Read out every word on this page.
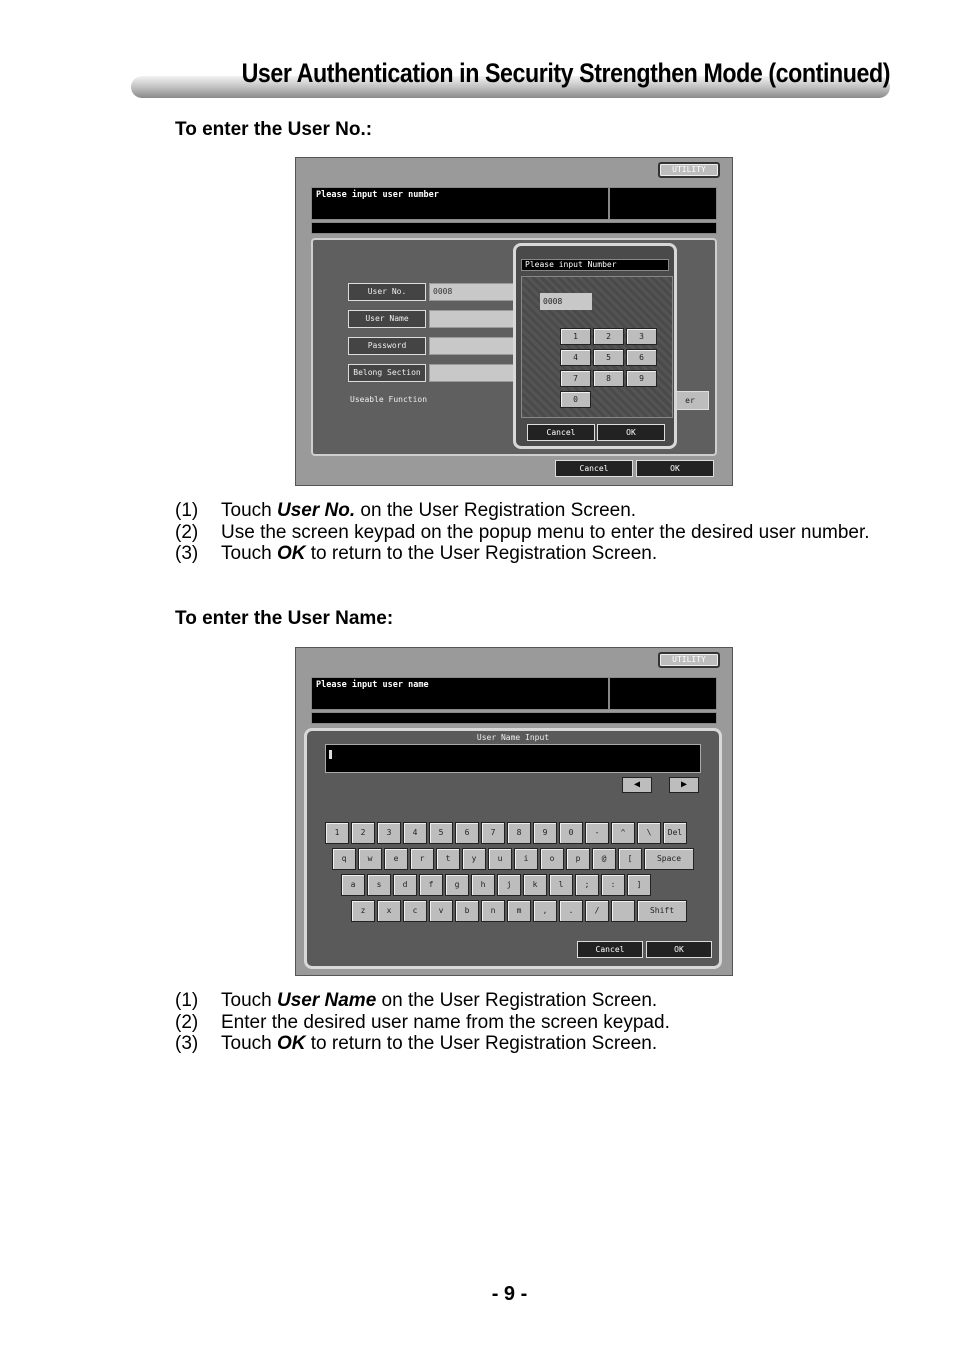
User Authentication in Security Strengthen Mode (continued)
To enter the User No.:
UTILITY
Please input user number
User No.	0008
User Name
Password
Belong Section
Useable Function	er
Please input Number
0008
1	2	3
4	5	6
7	8	9
0
Cancel	OK
Cancel	OK
(1)	Touch User No. on the User Registration Screen.
(2)	Use the screen keypad on the popup menu to enter the desired user number.
(3)	Touch OK to return to the User Registration Screen.
To enter the User Name:
UTILITY
Please input user name
User Name Input
◀	▶
1	2	3	4	5	6	7	8	9	0	-	^	\	Del
q	w	e	r	t	y	u	i	o	p	@	[	Space
a	s	d	f	g	h	j	k	l	;	:	]
z	x	c	v	b	n	m	,	.	/	Shift
Cancel	OK
(1)	Touch User Name on the User Registration Screen.
(2)	Enter the desired user name from the screen keypad.
(3)	Touch OK to return to the User Registration Screen.
- 9 -
